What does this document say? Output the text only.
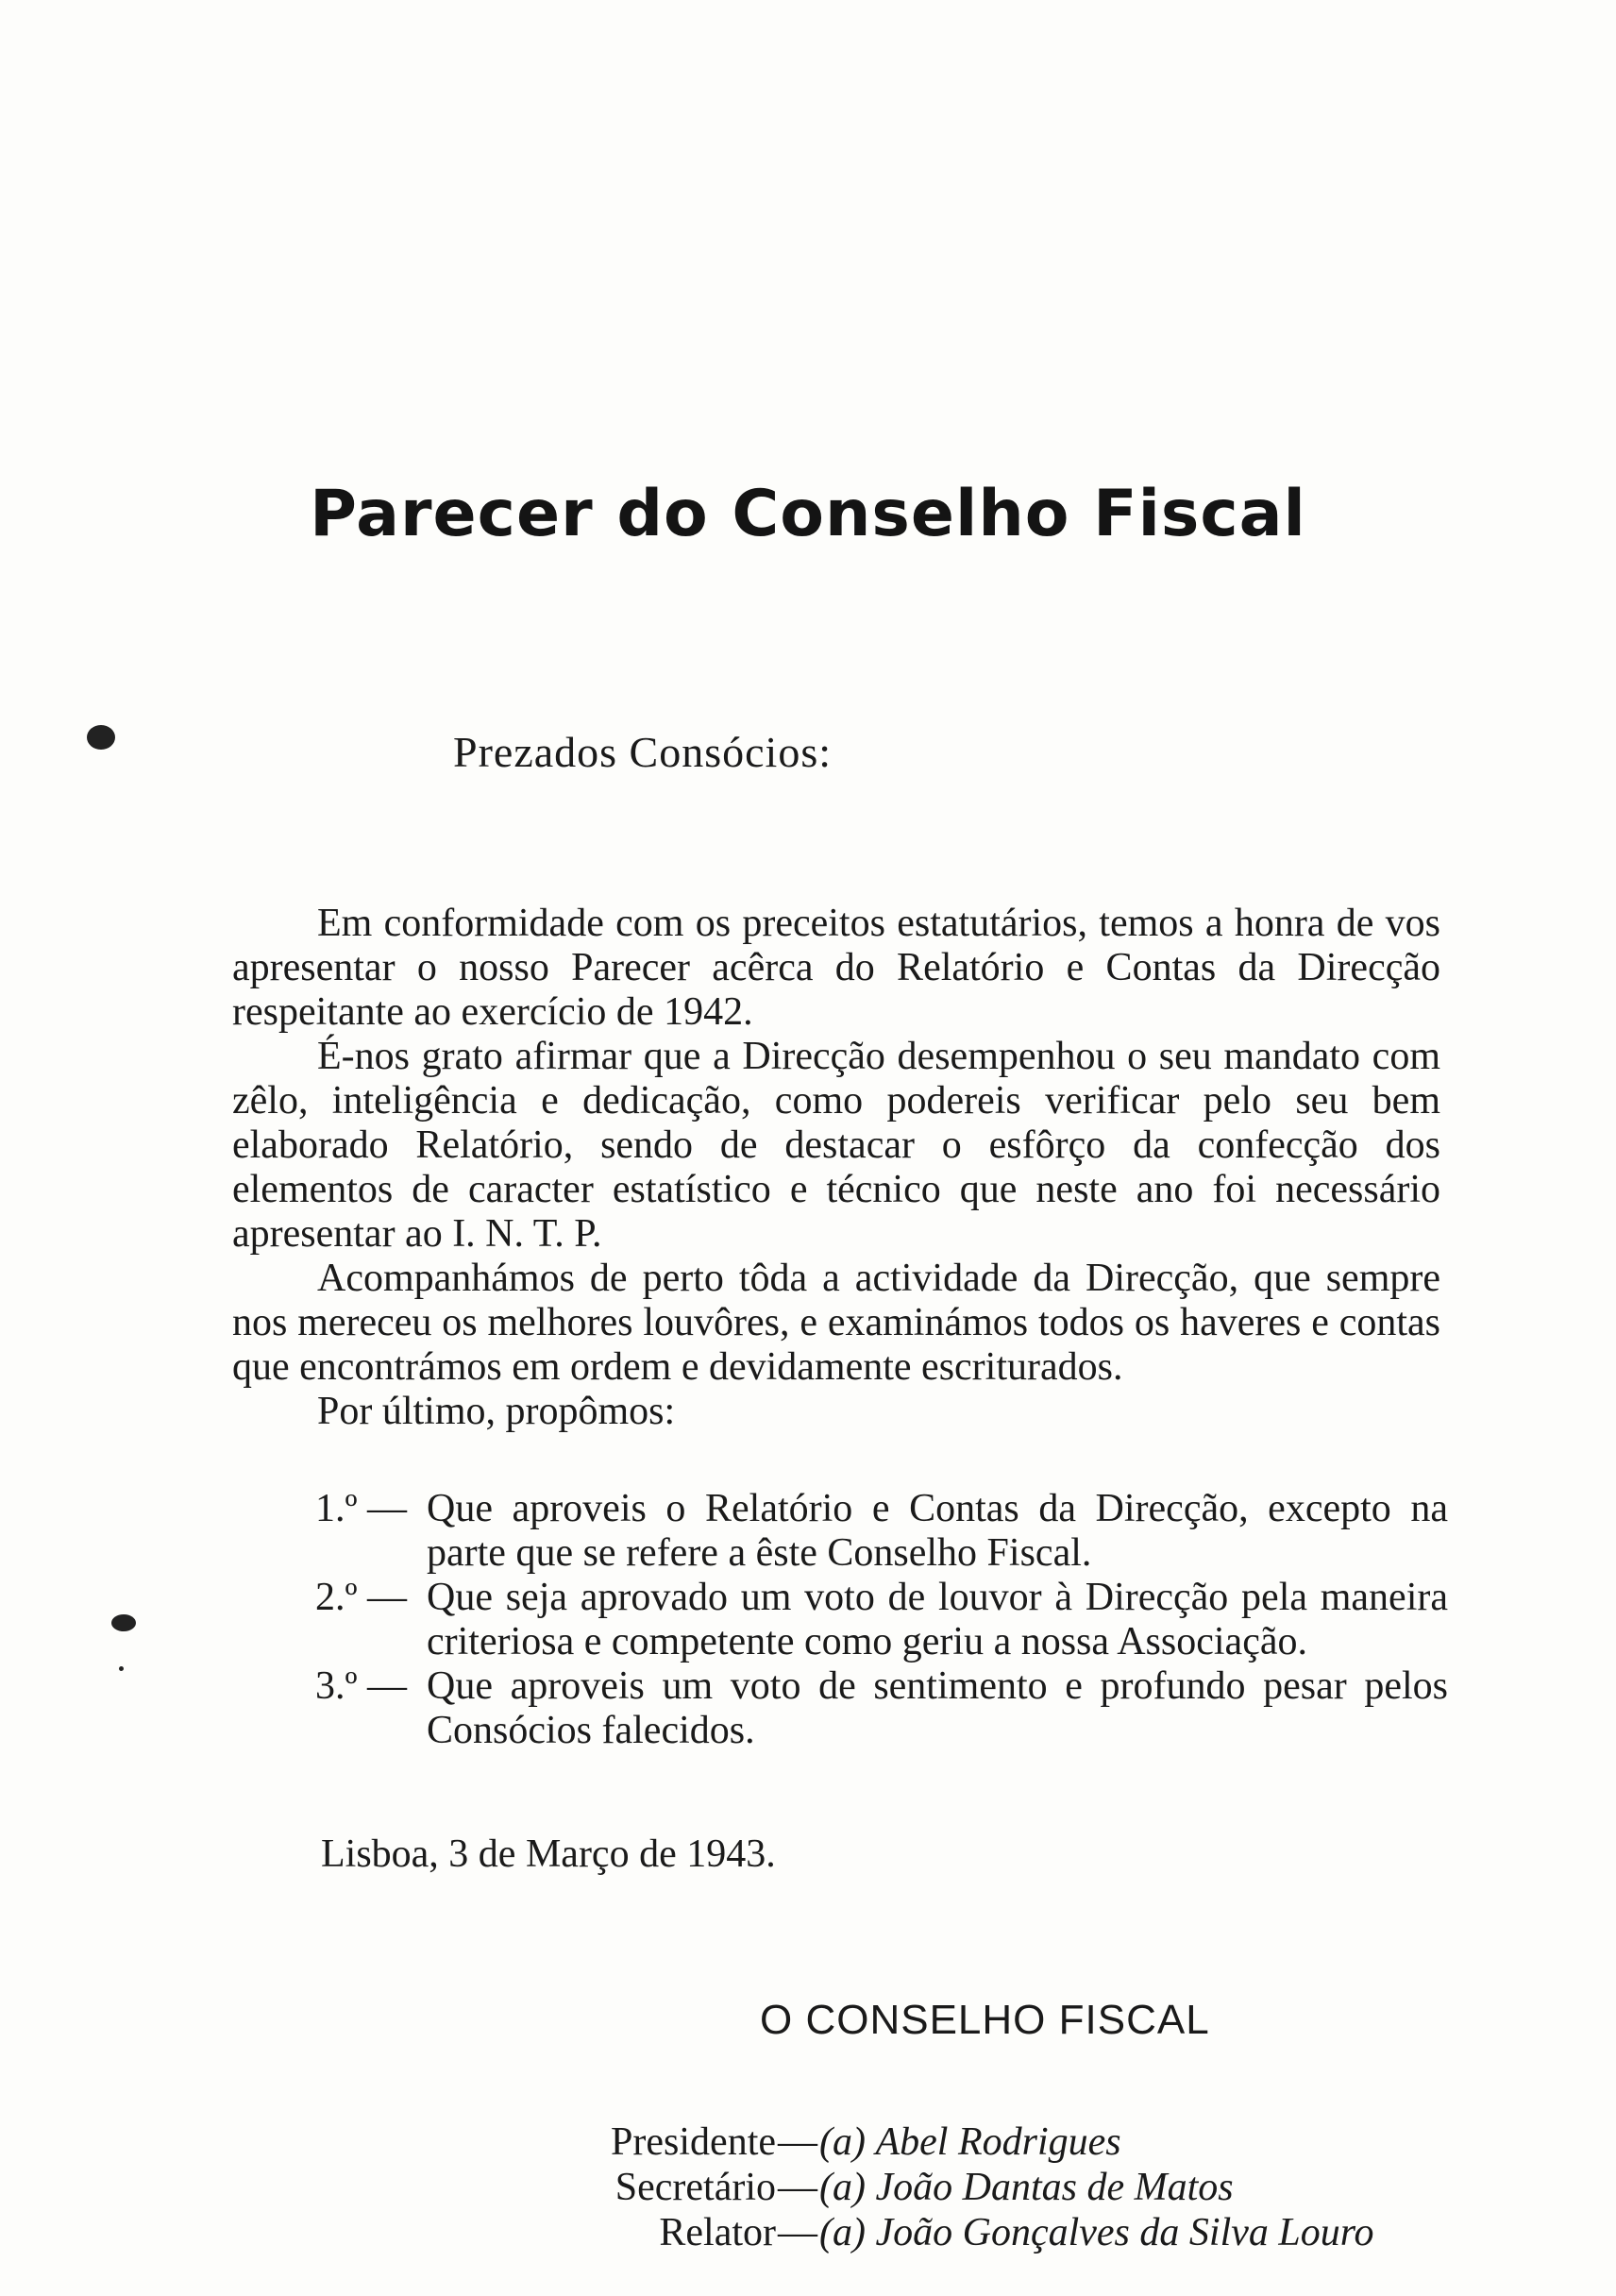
Parecer do Conselho Fiscal

Prezados Consócios:

Em conformidade com os preceitos estatutários, temos a honra de vos apresentar o nosso Parecer acêrca do Relatório e Contas da Direcção respeitante ao exercício de 1942.

É-nos grato afirmar que a Direcção desempenhou o seu mandato com zêlo, inteligência e dedicação, como podereis verificar pelo seu bem elaborado Relatório, sendo de destacar o esfôrço da confecção dos elementos de caracter estatístico e técnico que neste ano foi necessário apresentar ao I. N. T. P.

Acompanhámos de perto tôda a actividade da Direcção, que sempre nos mereceu os melhores louvôres, e examinámos todos os haveres e contas que encontrámos em ordem e devidamente escriturados.

Por último, propômos:

1.º — Que aproveis o Relatório e Contas da Direcção, excepto na parte que se refere a êste Conselho Fiscal.
2.º — Que seja aprovado um voto de louvor à Direcção pela maneira criteriosa e competente como geriu a nossa Associação.
3.º — Que aproveis um voto de sentimento e profundo pesar pelos Consócios falecidos.

Lisboa, 3 de Março de 1943.

O CONSELHO FISCAL

Presidente—(a) Abel Rodrigues
Secretário—(a) João Dantas de Matos
Relator—(a) João Gonçalves da Silva Louro
